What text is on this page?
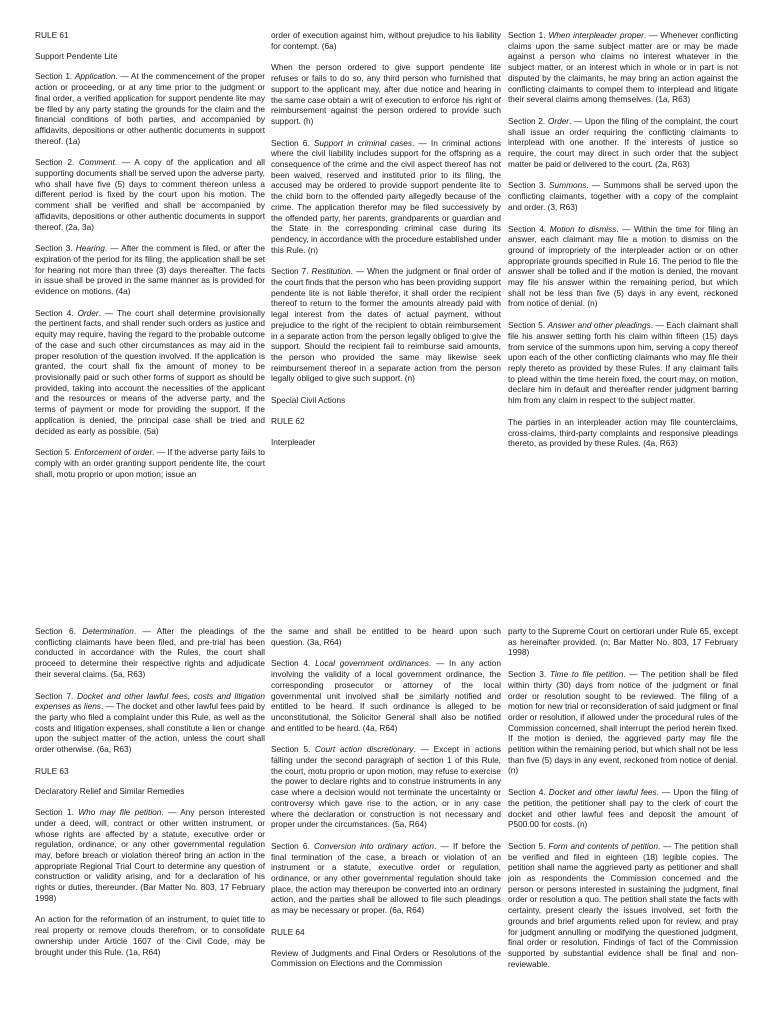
RULE 61

Support Pendente Lite

Section 1. Application. — At the commencement of the proper action or proceeding, or at any time prior to the judgment or final order, a verified application for support pendente lite may be filed by any party stating the grounds for the claim and the financial conditions of both parties, and accompanied by affidavits, depositions or other authentic documents in support thereof. (1a)

Section 2. Comment. — A copy of the application and all supporting documents shall be served upon the adverse party, who shall have five (5) days to comment thereon unless a different period is fixed by the court upon his motion. The comment shall be verified and shall be accompanied by affidavits, depositions or other authentic documents in support thereof. (2a, 3a)

Section 3. Hearing. — After the comment is filed, or after the expiration of the period for its filing, the application shall be set for hearing not more than three (3) days thereafter. The facts in issue shall be proved in the same manner as is provided for evidence on motions. (4a)

Section 4. Order. — The court shall determine provisionally the pertinent facts, and shall render such orders as justice and equity may require, having the regard to the probable outcome of the case and such other circumstances as may aid in the proper resolution of the question involved. If the application is granted, the court shall fix the amount of money to be provisionally paid or such other forms of support as should be provided, taking into account the necessities of the applicant and the resources or means of the adverse party, and the terms of payment or mode for providing the support. If the application is denied, the principal case shall be tried and decided as early as possible. (5a)

Section 5. Enforcement of order. — If the adverse party fails to comply with an order granting support pendente lite, the court shall, motu proprio or upon motion; issue an

order of execution against him, without prejudice to his liability for contempt. (6a)

When the person ordered to give support pendente lite refuses or fails to do so, any third person who furnished that support to the applicant may, after due notice and hearing in the same case obtain a writ of execution to enforce his right of reimbursement against the person ordered to provide such support. (h)

Section 6. Support in criminal cases. — In criminal actions where the civil liability includes support for the offspring as a consequence of the crime and the civil aspect thereof has not been waived, reserved and instituted prior to its filing, the accused may be ordered to provide support pendente lite to the child born to the offended party allegedly because of the crime. The application therefor may be filed successively by the offended party, her parents, grandparents or guardian and the State in the corresponding criminal case during its pendency, in accordance with the procedure established under this Rule. (n)

Section 7. Restitution. — When the judgment or final order of the court finds that the person who has been providing support pendente lite is not liable therefor, it shall order the recipient thereof to return to the former the amounts already paid with legal interest from the dates of actual payment, without prejudice to the right of the recipient to obtain reimbursement in a separate action from the person legally obliged to give the support. Should the recipient fail to reimburse said amounts, the person who provided the same may likewise seek reimbursement thereof in a separate action from the person legally obliged to give such support. (n)

Special Civil Actions

RULE 62

Interpleader

Section 1. When interpleader proper. — Whenever conflicting claims upon the same subject matter are or may be made against a person who claims no interest whatever in the subject matter, or an interest which in whole or in part is not disputed by the claimants, he may bring an action against the conflicting claimants to compel them to interplead and litigate their several claims among themselves. (1a, R63)

Section 2. Order. — Upon the filing of the complaint, the court shall issue an order requiring the conflicting claimants to interplead with one another. If the interests of justice so require, the court may direct in such order that the subject matter be paid or delivered to the court. (2a, R63)

Section 3. Summons. — Summons shall be served upon the conflicting claimants, together with a copy of the complaint and order. (3, R63)

Section 4. Motion to dismiss. — Within the time for filing an answer, each claimant may file a motion to dismiss on the ground of impropriety of the interpleader action or on other appropriate grounds specified in Rule 16. The period to file the answer shall be tolled and if the motion is denied, the movant may file his answer within the remaining period, but which shall not be less than five (5) days in any event, reckoned from notice of denial. (n)

Section 5. Answer and other pleadings. — Each claimant shall file his answer setting forth his claim within fifteen (15) days from service of the summons upon him, serving a copy thereof upon each of the other conflicting claimants who may file their reply thereto as provided by these Rules. If any claimant fails to plead within the time herein fixed, the court may, on motion, declare him in default and thereafter render judgment barring him from any claim in respect to the subject matter.

The parties in an interpleader action may file counterclaims, cross-claims, third-party complaints and responsive pleadings thereto, as provided by these Rules. (4a, R63)

Section 6. Determination. — After the pleadings of the conflicting claimants have been filed, and pre-trial has been conducted in accordance with the Rules, the court shall proceed to determine their respective rights and adjudicate their several claims. (5a, R63)

Section 7. Docket and other lawful fees, costs and litigation expenses as liens. — The docket and other lawful fees paid by the party who filed a complaint under this Rule, as well as the costs and litigation expenses, shall constitute a lien or change upon the subject matter of the action, unless the court shall order otherwise. (6a, R63)

RULE 63

Declaratory Relief and Similar Remedies

Section 1. Who may file petition. — Any person interested under a deed, will, contract or other written instrument, or whose rights are affected by a statute, executive order or regulation, ordinance, or any other governmental regulation may, before breach or violation thereof bring an action in the appropriate Regional Trial Court to determine any question of construction or validity arising, and for a declaration of his rights or duties, thereunder. (Bar Matter No. 803, 17 February 1998)

An action for the reformation of an instrument, to quiet title to real property or remove clouds therefrom, or to consolidate ownership under Article 1607 of the Civil Code, may be brought under this Rule. (1a, R64)

the same and shall be entitled to be heard upon such question. (3a, R64)

Section 4. Local government ordinances. — In any action involving the validity of a local government ordinance, the corresponding prosecutor or attorney of the local governmental unit involved shall be similarly notified and entitled to be heard. If such ordinance is alleged to be unconstitutional, the Solicitor General shall also be notified and entitled to be heard. (4a, R64)

Section 5. Court action discretionary. — Except in actions falling under the second paragraph of section 1 of this Rule, the court, motu proprio or upon motion, may refuse to exercise the power to declare rights and to construe instruments in any case where a decision would not terminate the uncertainty or controversy which gave rise to the action, or in any case where the declaration or construction is not necessary and proper under the circumstances. (5a, R64)

Section 6. Conversion into ordinary action. — If before the final termination of the case, a breach or violation of an instrument or a statute, executive order or regulation, ordinance, or any other governmental regulation should take place, the action may thereupon be converted into an ordinary action, and the parties shall be allowed to file such pleadings as may be necessary or proper. (6a, R64)

RULE 64

Review of Judgments and Final Orders or Resolutions of the Commission on Elections and the Commission

party to the Supreme Court on certiorari under Rule 65, except as hereinafter provided. (n; Bar Matter No. 803, 17 February 1998)

Section 3. Time to file petition. — The petition shall be filed within thirty (30) days from notice of the judgment or final order or resolution sought to be reviewed. The filing of a motion for new trial or reconsideration of said judgment or final order or resolution, if allowed under the procedural rules of the Commission concerned, shall interrupt the period herein fixed. If the motion is denied, the aggrieved party may file the petition within the remaining period, but which shall not be less than five (5) days in any event, reckoned from notice of denial. (n)

Section 4. Docket and other lawful fees. — Upon the filing of the petition, the petitioner shall pay to the clerk of court the docket and other lawful fees and deposit the amount of P500.00 for costs. (n)

Section 5. Form and contents of petition. — The petition shall be verified and filed in eighteen (18) legible copies. The petition shall name the aggrieved party as petitioner and shall join as respondents the Commission concerned and the person or persons interested in sustaining the judgment, final order or resolution a quo. The petition shall state the facts with certainty, present clearly the issues involved, set forth the grounds and brief arguments relied upon for review, and pray for judgment annulling or modifying the questioned judgment, final order or resolution. Findings of fact of the Commission supported by substantial evidence shall be final and non-reviewable.
